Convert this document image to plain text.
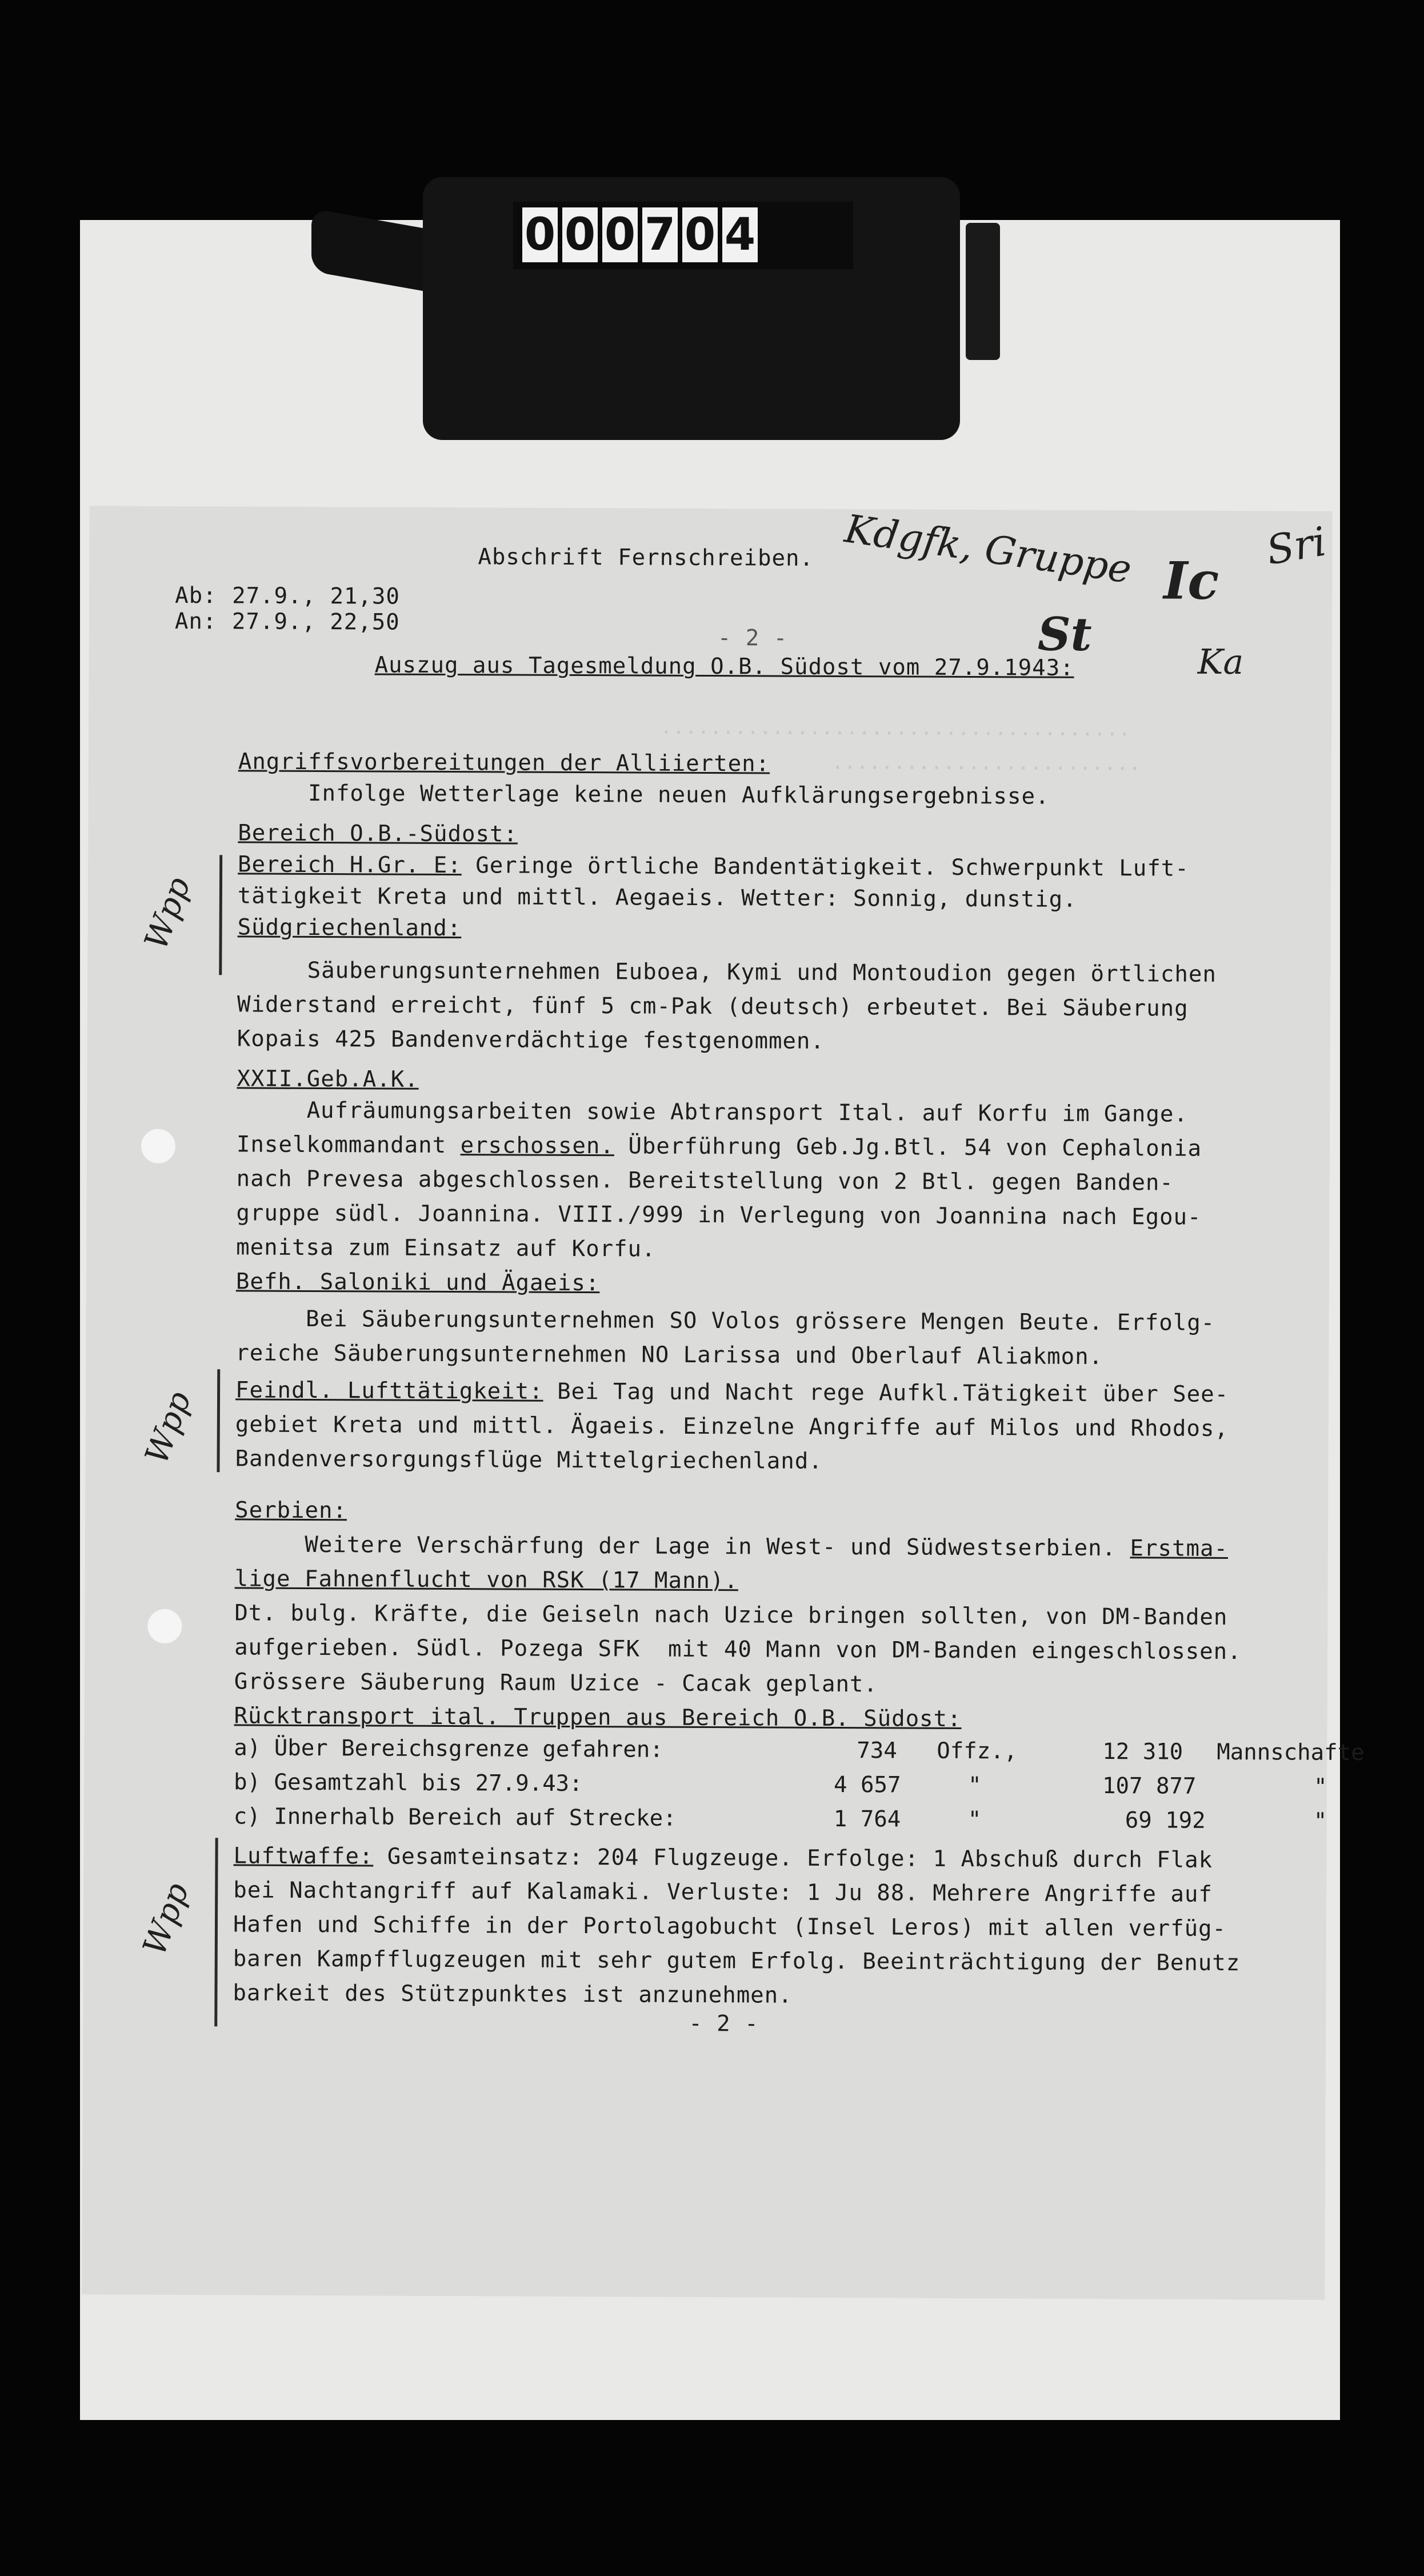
0 0 0 7 0 4
······································
·························
Abschrift Fernschreiben. Kdgfk, Gruppe Ic
Sri
St
Ka
Ab: 27.9., 21,30
An: 27.9., 22,50
- 2 -
Auszug aus Tagesmeldung O.B. Südost vom 27.9.1943:
Angriffsvorbereitungen der Alliierten:
Infolge Wetterlage keine neuen Aufklärungsergebnisse.
Bereich O.B.-Südost:
Wpp
Bereich H.Gr. E: Geringe örtliche Bandentätigkeit. Schwerpunkt Luft-
tätigkeit Kreta und mittl. Aegaeis. Wetter: Sonnig, dunstig.
Südgriechenland:
Säuberungsunternehmen Euboea, Kymi und Montoudion gegen örtlichen
Widerstand erreicht, fünf 5 cm-Pak (deutsch) erbeutet. Bei Säuberung
Kopais 425 Bandenverdächtige festgenommen.
XXII.Geb.A.K.
Aufräumungsarbeiten sowie Abtransport Ital. auf Korfu im Gange.
Inselkommandant erschossen. Überführung Geb.Jg.Btl. 54 von Cephalonia
nach Prevesa abgeschlossen. Bereitstellung von 2 Btl. gegen Banden-
gruppe südl. Joannina. VIII./999 in Verlegung von Joannina nach Egou-
menitsa zum Einsatz auf Korfu.
Befh. Saloniki und Ägaeis:
Bei Säuberungsunternehmen SO Volos grössere Mengen Beute. Erfolg-
reiche Säuberungsunternehmen NO Larissa und Oberlauf Aliakmon.
Wpp Feindl. Lufttätigkeit: Bei Tag und Nacht rege Aufkl.Tätigkeit über See-
gebiet Kreta und mittl. Ägaeis. Einzelne Angriffe auf Milos und Rhodos,
Bandenversorgungsflüge Mittelgriechenland.
Serbien:
Weitere Verschärfung der Lage in West- und Südwestserbien. Erstma-
lige Fahnenflucht von RSK (17 Mann).
Dt. bulg. Kräfte, die Geiseln nach Uzice bringen sollten, von DM-Banden
aufgerieben. Südl. Pozega SFK  mit 40 Mann von DM-Banden eingeschlossen.
Grössere Säuberung Raum Uzice - Cacak geplant.
Rücktransport ital. Truppen aus Bereich O.B. Südost:
a) Über Bereichsgrenze gefahren:	734 Offz.,	12 310 Mannschafte
b) Gesamtzahl bis 27.9.43:	4 657	"	107 877	"
c) Innerhalb Bereich auf Strecke:	1 764	"	69 192	"
Wpp
Luftwaffe: Gesamteinsatz: 204 Flugzeuge. Erfolge: 1 Abschuß durch Flak
bei Nachtangriff auf Kalamaki. Verluste: 1 Ju 88. Mehrere Angriffe auf
Hafen und Schiffe in der Portolagobucht (Insel Leros) mit allen verfüg-
baren Kampfflugzeugen mit sehr gutem Erfolg. Beeinträchtigung der Benutz
barkeit des Stützpunktes ist anzunehmen.
- 2 -
